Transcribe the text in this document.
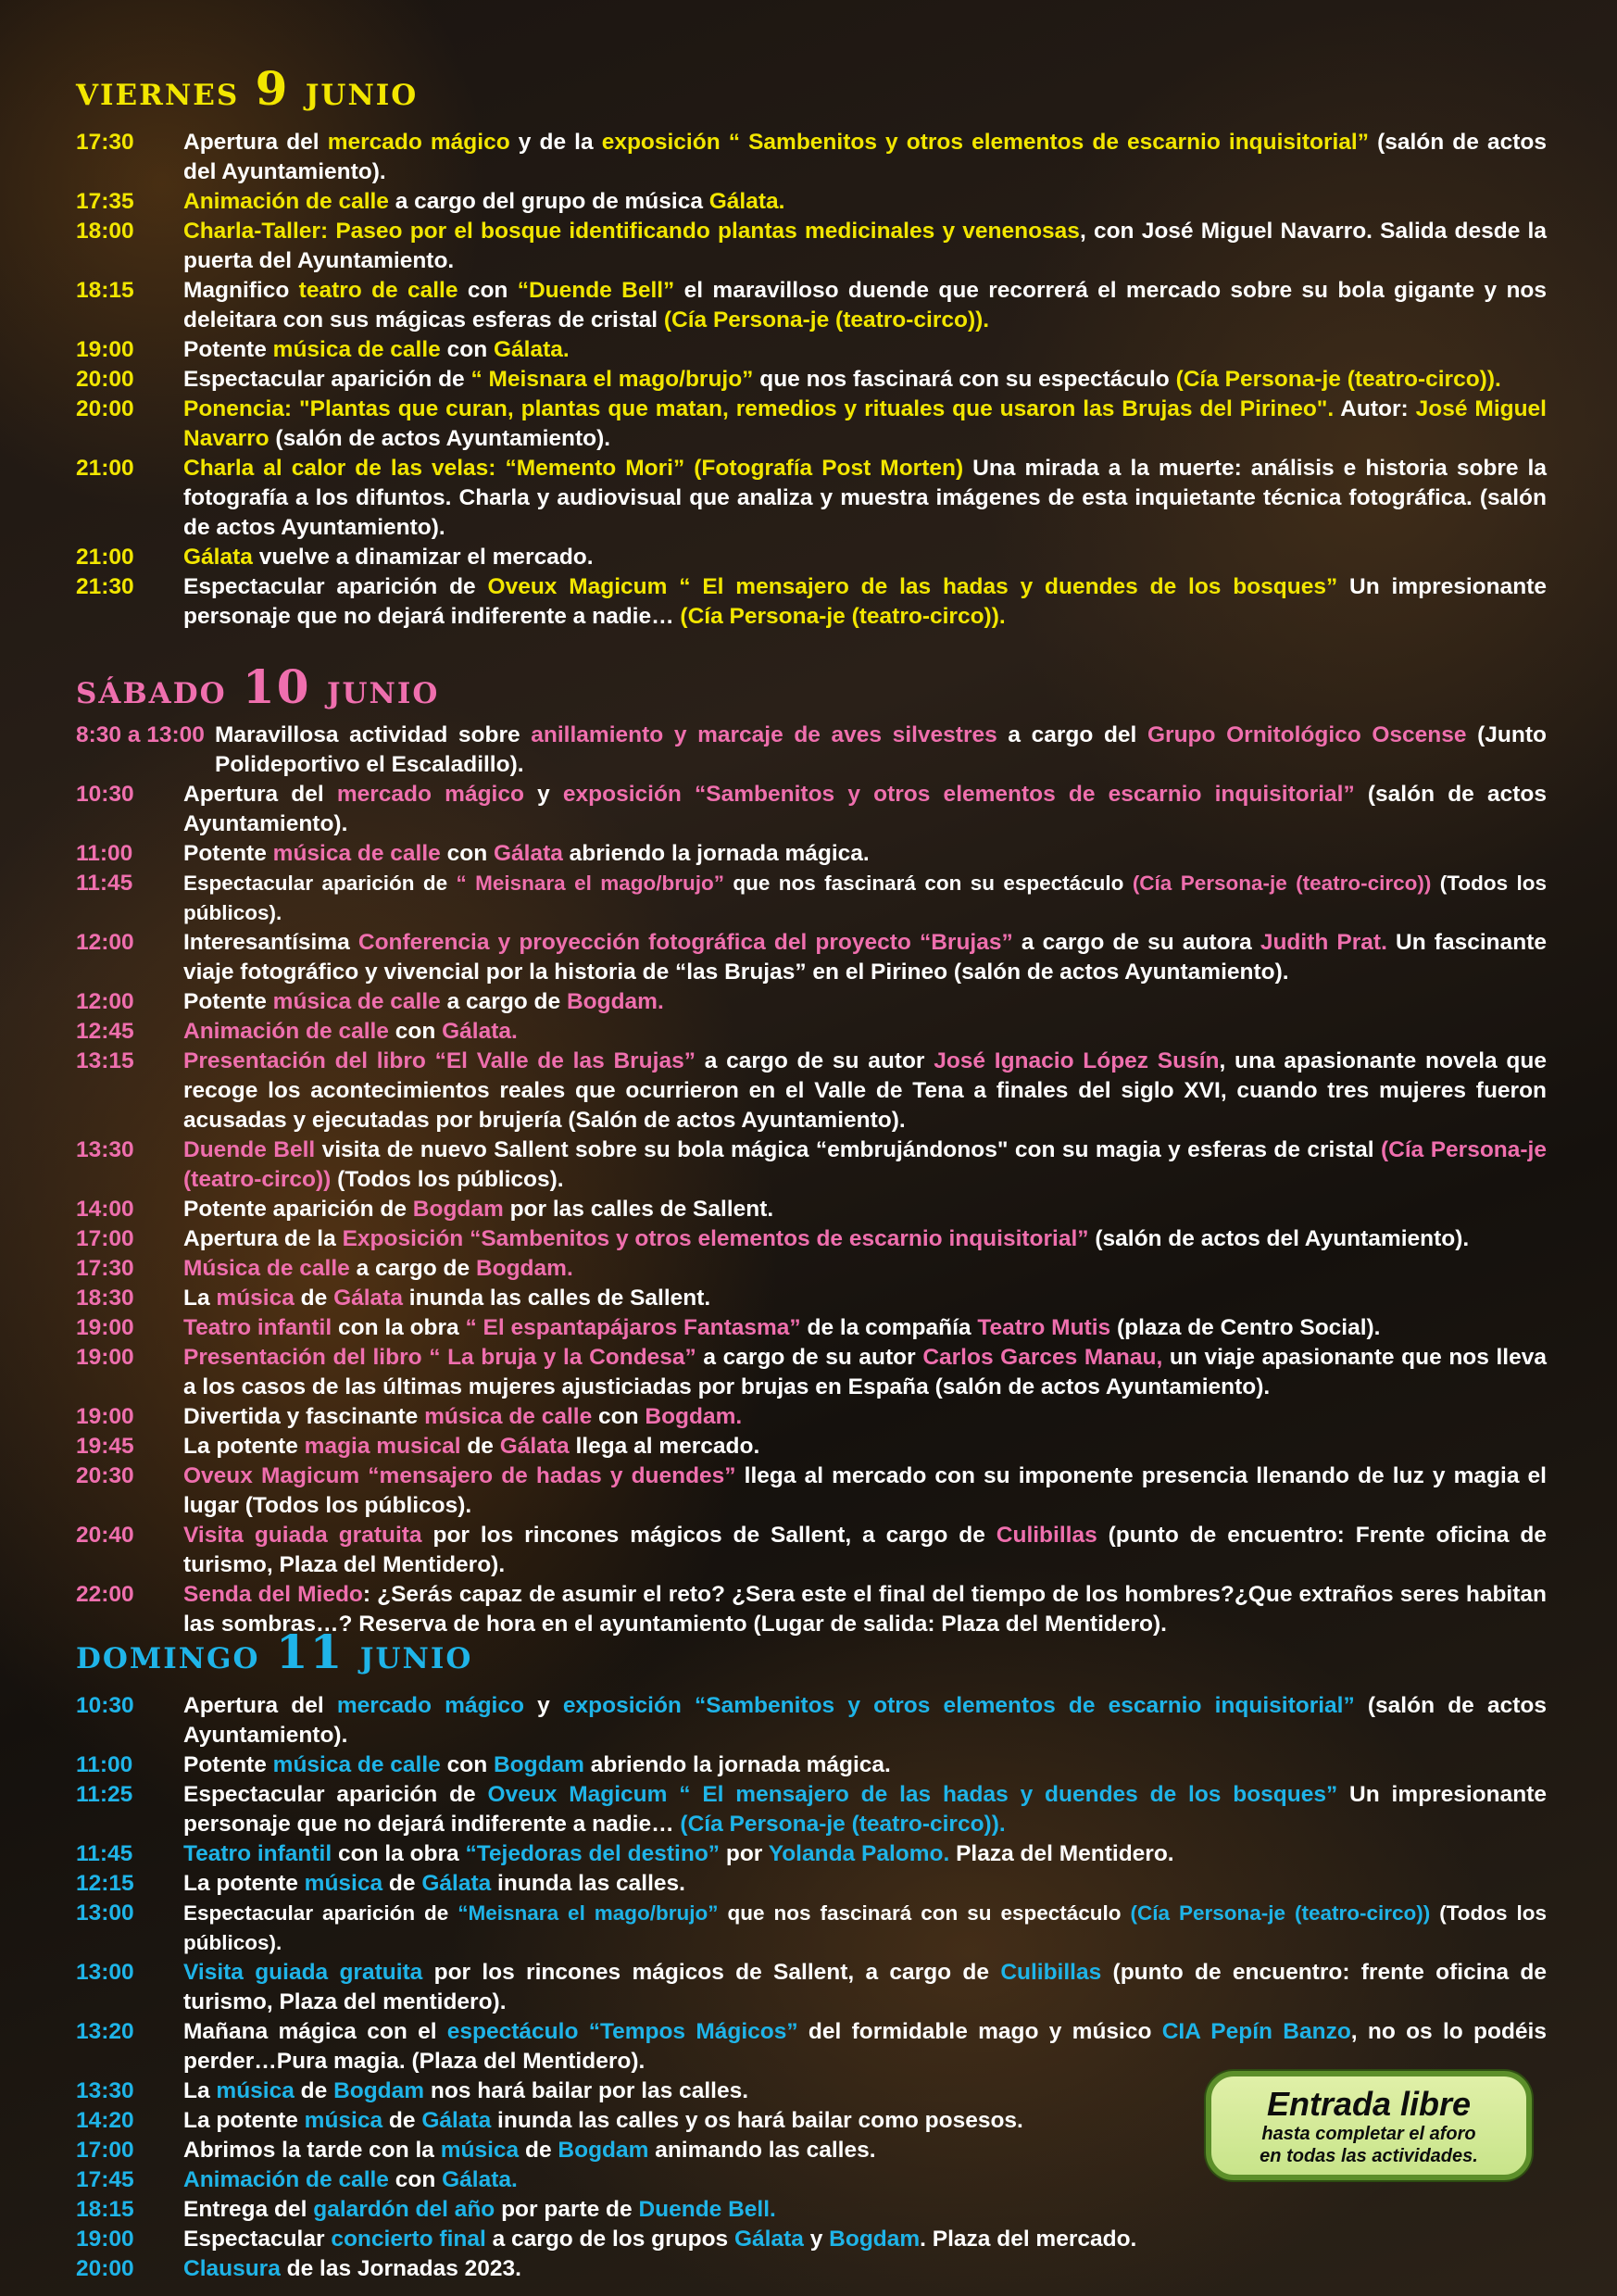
viernes 9 junio
17:30	Apertura del mercado mágico y de la exposición “ Sambenitos y otros elementos de escarnio inquisitorial” (salón de actos del Ayuntamiento).
17:35	Animación de calle a cargo del grupo de música Gálata.
18:00	Charla-Taller: Paseo por el bosque identificando plantas medicinales y venenosas, con José Miguel Navarro. Salida desde la puerta del Ayuntamiento.
18:15	Magnifico teatro de calle con “Duende Bell” el maravilloso duende que recorrerá el mercado sobre su bola gigante y nos deleitara con sus mágicas esferas de cristal (Cía Persona-je (teatro-circo)).
19:00	Potente música de calle con Gálata.
20:00	Espectacular aparición de “ Meisnara el mago/brujo” que nos fascinará con su espectáculo (Cía Persona-je (teatro-circo)).
20:00	Ponencia: "Plantas que curan, plantas que matan, remedios y rituales que usaron las Brujas del Pirineo". Autor: José Miguel Navarro (salón de actos Ayuntamiento).
21:00	Charla al calor de las velas: “Memento Mori” (Fotografía Post Morten) Una mirada a la muerte: análisis e historia sobre la fotografía a los difuntos. Charla y audiovisual que analiza y muestra imágenes de esta inquietante técnica fotográfica. (salón de actos Ayuntamiento).
21:00	Gálata vuelve a dinamizar el mercado.
21:30	Espectacular aparición de Oveux Magicum “ El mensajero de las hadas y duendes de los bosques” Un impresionante personaje que no dejará indiferente a nadie… (Cía Persona-je (teatro-circo)).
sábado 10 junio
8:30 a 13:00 Maravillosa actividad sobre anillamiento y marcaje de aves silvestres a cargo del Grupo Ornitológico Oscense (Junto Polideportivo el Escaladillo).
10:30	Apertura del mercado mágico y exposición “Sambenitos y otros elementos de escarnio inquisitorial” (salón de actos Ayuntamiento).
11:00	Potente música de calle con Gálata abriendo la jornada mágica.
11:45	Espectacular aparición de “ Meisnara el mago/brujo” que nos fascinará con su espectáculo (Cía Persona-je (teatro-circo)) (Todos los públicos).
12:00	Interesantísima Conferencia y proyección fotográfica del proyecto “Brujas” a cargo de su autora Judith Prat. Un fascinante viaje fotográfico y vivencial por la historia de “las Brujas” en el Pirineo (salón de actos Ayuntamiento).
12:00	Potente música de calle a cargo de Bogdam.
12:45	Animación de calle con Gálata.
13:15	Presentación del libro “El Valle de las Brujas” a cargo de su autor José Ignacio López Susín, una apasionante novela que recoge los acontecimientos reales que ocurrieron en el Valle de Tena a finales del siglo XVI, cuando tres mujeres fueron acusadas y ejecutadas por brujería (Salón de actos Ayuntamiento).
13:30	Duende Bell visita de nuevo Sallent sobre su bola mágica “embrujándonos" con su magia y esferas de cristal (Cía Persona-je (teatro-circo)) (Todos los públicos).
14:00	Potente aparición de Bogdam por las calles de Sallent.
17:00	Apertura de la Exposición “Sambenitos y otros elementos de escarnio inquisitorial” (salón de actos del Ayuntamiento).
17:30	Música de calle a cargo de Bogdam.
18:30	La música de Gálata inunda las calles de Sallent.
19:00	Teatro infantil con la obra “ El espantapájaros Fantasma” de la compañía Teatro Mutis (plaza de Centro Social).
19:00	Presentación del libro “ La bruja y la Condesa” a cargo de su autor Carlos Garces Manau, un viaje apasionante que nos lleva a los casos de las últimas mujeres ajusticiadas por brujas en España (salón de actos Ayuntamiento).
19:00	Divertida y fascinante música de calle con Bogdam.
19:45	La potente magia musical de Gálata llega al mercado.
20:30	Oveux Magicum “mensajero de hadas y duendes” llega al mercado con su imponente presencia llenando de luz y magia el lugar (Todos los públicos).
20:40	Visita guiada gratuita por los rincones mágicos de Sallent, a cargo de Culibillas (punto de encuentro: Frente oficina de turismo, Plaza del Mentidero).
22:00	Senda del Miedo: ¿Serás capaz de asumir el reto? ¿Sera este el final del tiempo de los hombres?¿Que extraños seres habitan las sombras…? Reserva de hora en el ayuntamiento (Lugar de salida: Plaza del Mentidero).
domingo 11 junio
10:30	Apertura del mercado mágico y exposición “Sambenitos y otros elementos de escarnio inquisitorial” (salón de actos Ayuntamiento).
11:00	Potente música de calle con Bogdam abriendo la jornada mágica.
11:25	Espectacular aparición de Oveux Magicum “ El mensajero de las hadas y duendes de los bosques” Un impresionante personaje que no dejará indiferente a nadie… (Cía Persona-je (teatro-circo)).
11:45	Teatro infantil con la obra “Tejedoras del destino” por Yolanda Palomo. Plaza del Mentidero.
12:15	La potente música de Gálata inunda las calles.
13:00	Espectacular aparición de “Meisnara el mago/brujo” que nos fascinará con su espectáculo (Cía Persona-je (teatro-circo)) (Todos los públicos).
13:00	Visita guiada gratuita por los rincones mágicos de Sallent, a cargo de Culibillas (punto de encuentro: frente oficina de turismo, Plaza del mentidero).
13:20	Mañana mágica con el espectáculo “Tempos Mágicos” del formidable mago y músico CIA Pepín Banzo, no os lo podéis perder…Pura magia. (Plaza del Mentidero).
13:30	La música de Bogdam nos hará bailar por las calles.
14:20	La potente música de Gálata inunda las calles y os hará bailar como posesos.
17:00	Abrimos la tarde con la música de Bogdam animando las calles.
17:45	Animación de calle con Gálata.
18:15	Entrega del galardón del año por parte de Duende Bell.
19:00	Espectacular concierto final a cargo de los grupos Gálata y Bogdam. Plaza del mercado.
20:00	Clausura de las Jornadas 2023.
Entrada libre
hasta completar el aforo
en todas las actividades.
